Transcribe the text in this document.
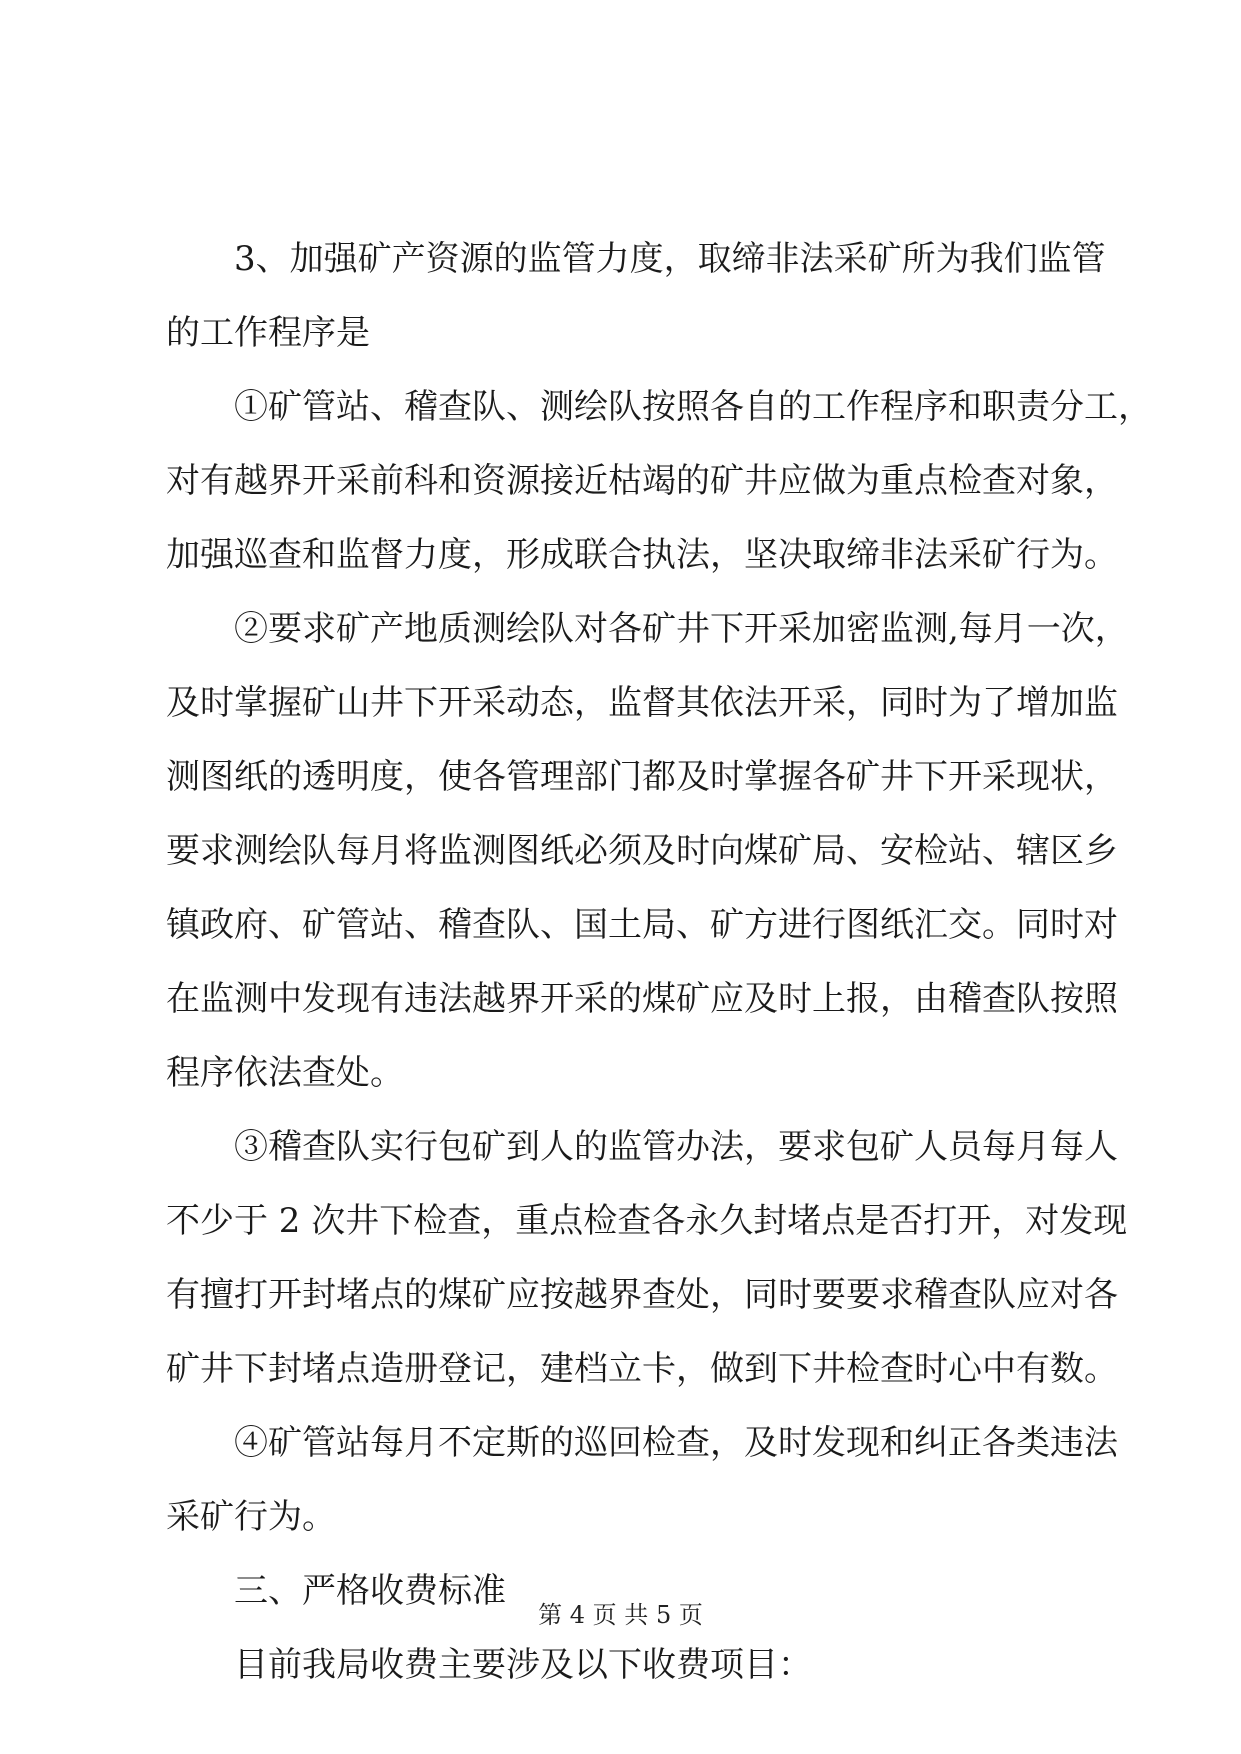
3、加强矿产资源的监管力度，取缔非法采矿所为我们监管
的工作程序是
①矿管站、稽查队、测绘队按照各自的工作程序和职责分工，
对有越界开采前科和资源接近枯竭的矿井应做为重点检查对象，
加强巡查和监督力度，形成联合执法，坚决取缔非法采矿行为。
②要求矿产地质测绘队对各矿井下开采加密监测,每月一次，
及时掌握矿山井下开采动态，监督其依法开采，同时为了增加监
测图纸的透明度，使各管理部门都及时掌握各矿井下开采现状，
要求测绘队每月将监测图纸必须及时向煤矿局、安检站、辖区乡
镇政府、矿管站、稽查队、国土局、矿方进行图纸汇交。同时对
在监测中发现有违法越界开采的煤矿应及时上报，由稽查队按照
程序依法查处。
③稽查队实行包矿到人的监管办法，要求包矿人员每月每人
不少于 2 次井下检查，重点检查各永久封堵点是否打开，对发现
有擅打开封堵点的煤矿应按越界查处，同时要要求稽查队应对各
矿井下封堵点造册登记，建档立卡，做到下井检查时心中有数。
④矿管站每月不定斯的巡回检查，及时发现和纠正各类违法
采矿行为。
三、严格收费标准
目前我局收费主要涉及以下收费项目：
第 4 页 共 5 页
